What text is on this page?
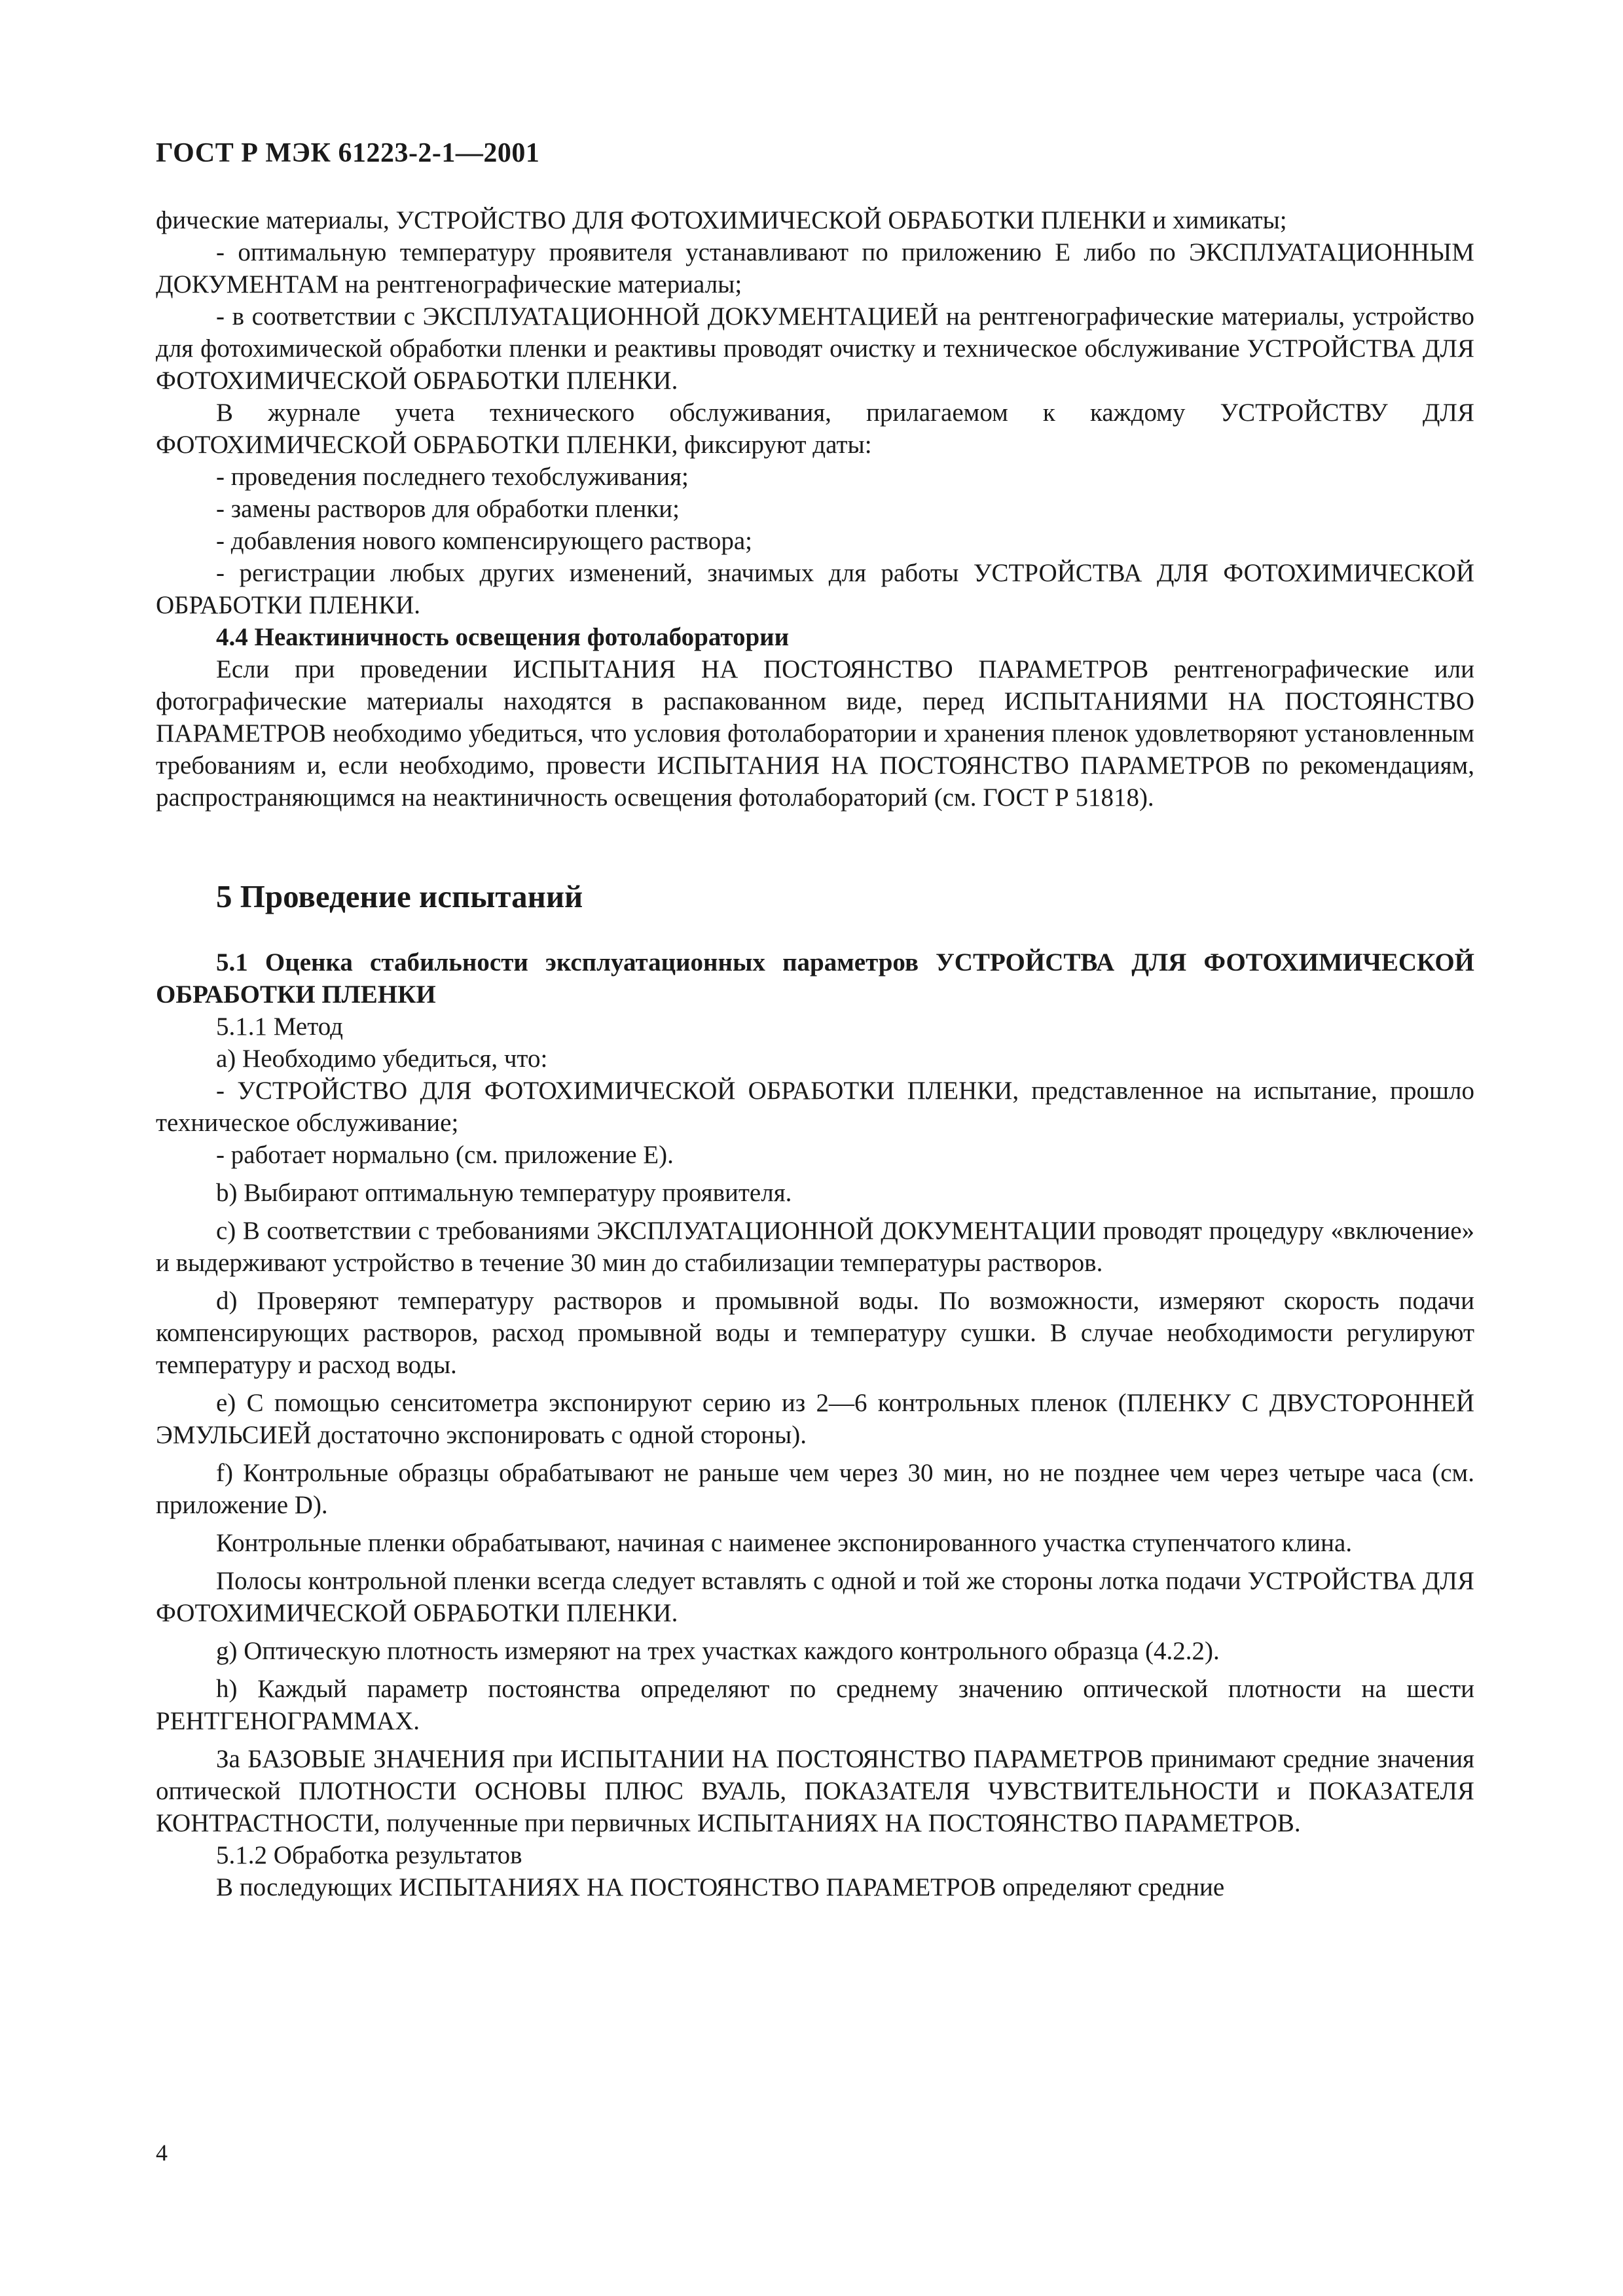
ГОСТ Р МЭК 61223-2-1—2001

фические материалы, УСТРОЙСТВО ДЛЯ ФОТОХИМИЧЕСКОЙ ОБРАБОТКИ ПЛЕНКИ и химикаты;

- оптимальную температуру проявителя устанавливают по приложению Е либо по ЭКСПЛУАТАЦИОННЫМ ДОКУМЕНТАМ на рентгенографические материалы;

- в соответствии с ЭКСПЛУАТАЦИОННОЙ ДОКУМЕНТАЦИЕЙ на рентгенографические материалы, устройство для фотохимической обработки пленки и реактивы проводят очистку и техническое обслуживание УСТРОЙСТВА ДЛЯ ФОТОХИМИЧЕСКОЙ ОБРАБОТКИ ПЛЕНКИ.

В журнале учета технического обслуживания, прилагаемом к каждому УСТРОЙСТВУ ДЛЯ ФОТОХИМИЧЕСКОЙ ОБРАБОТКИ ПЛЕНКИ, фиксируют даты:

- проведения последнего техобслуживания;

- замены растворов для обработки пленки;

- добавления нового компенсирующего раствора;

- регистрации любых других изменений, значимых для работы УСТРОЙСТВА ДЛЯ ФОТОХИМИЧЕСКОЙ ОБРАБОТКИ ПЛЕНКИ.

4.4 Неактиничность освещения фотолаборатории

Если при проведении ИСПЫТАНИЯ НА ПОСТОЯНСТВО ПАРАМЕТРОВ рентгенографические или фотографические материалы находятся в распакованном виде, перед ИСПЫТАНИЯМИ НА ПОСТОЯНСТВО ПАРАМЕТРОВ необходимо убедиться, что условия фотолаборатории и хранения пленок удовлетворяют установленным требованиям и, если необходимо, провести ИСПЫТАНИЯ НА ПОСТОЯНСТВО ПАРАМЕТРОВ по рекомендациям, распространяющимся на неактиничность освещения фотолабораторий (см. ГОСТ Р 51818).

5 Проведение испытаний

5.1 Оценка стабильности эксплуатационных параметров УСТРОЙСТВА ДЛЯ ФОТОХИМИЧЕСКОЙ ОБРАБОТКИ ПЛЕНКИ

5.1.1 Метод

а) Необходимо убедиться, что:

- УСТРОЙСТВО ДЛЯ ФОТОХИМИЧЕСКОЙ ОБРАБОТКИ ПЛЕНКИ, представленное на испытание, прошло техническое обслуживание;

- работает нормально (см. приложение Е).

b) Выбирают оптимальную температуру проявителя.

c) В соответствии с требованиями ЭКСПЛУАТАЦИОННОЙ ДОКУМЕНТАЦИИ проводят процедуру «включение» и выдерживают устройство в течение 30 мин до стабилизации температуры растворов.

d) Проверяют температуру растворов и промывной воды. По возможности, измеряют скорость подачи компенсирующих растворов, расход промывной воды и температуру сушки. В случае необходимости регулируют температуру и расход воды.

e) С помощью сенситометра экспонируют серию из 2—6 контрольных пленок (ПЛЕНКУ С ДВУСТОРОННЕЙ ЭМУЛЬСИЕЙ достаточно экспонировать с одной стороны).

f) Контрольные образцы обрабатывают не раньше чем через 30 мин, но не позднее чем через четыре часа (см. приложение D).

Контрольные пленки обрабатывают, начиная с наименее экспонированного участка ступенчатого клина.

Полосы контрольной пленки всегда следует вставлять с одной и той же стороны лотка подачи УСТРОЙСТВА ДЛЯ ФОТОХИМИЧЕСКОЙ ОБРАБОТКИ ПЛЕНКИ.

g) Оптическую плотность измеряют на трех участках каждого контрольного образца (4.2.2).

h) Каждый параметр постоянства определяют по среднему значению оптической плотности на шести РЕНТГЕНОГРАММАХ.

За БАЗОВЫЕ ЗНАЧЕНИЯ при ИСПЫТАНИИ НА ПОСТОЯНСТВО ПАРАМЕТРОВ принимают средние значения оптической ПЛОТНОСТИ ОСНОВЫ ПЛЮС ВУАЛЬ, ПОКАЗАТЕЛЯ ЧУВСТВИТЕЛЬНОСТИ и ПОКАЗАТЕЛЯ КОНТРАСТНОСТИ, полученные при первичных ИСПЫТАНИЯХ НА ПОСТОЯНСТВО ПАРАМЕТРОВ.

5.1.2 Обработка результатов

В последующих ИСПЫТАНИЯХ НА ПОСТОЯНСТВО ПАРАМЕТРОВ определяют средние

4
